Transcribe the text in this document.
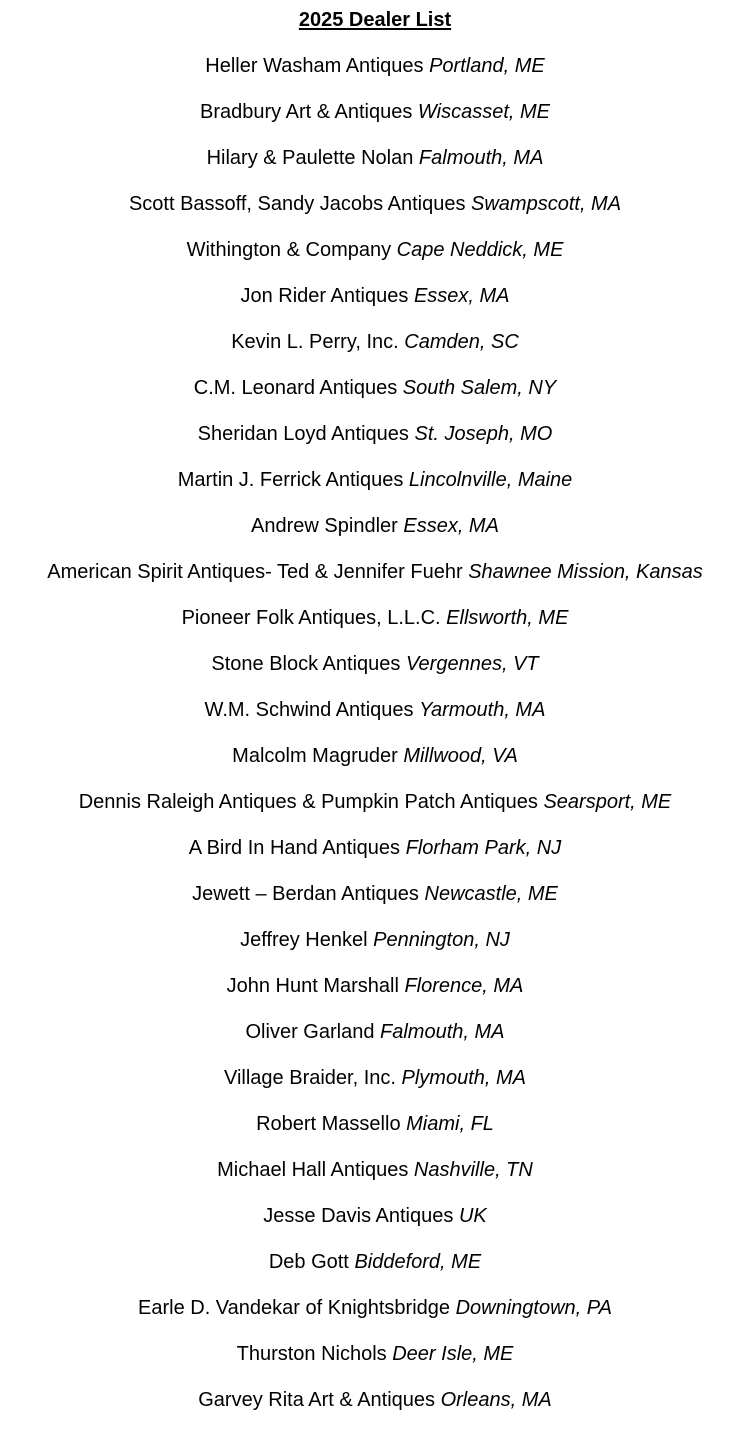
2025 Dealer List
Heller Washam Antiques Portland, ME
Bradbury Art & Antiques Wiscasset, ME
Hilary & Paulette Nolan Falmouth, MA
Scott Bassoff, Sandy Jacobs Antiques Swampscott, MA
Withington & Company Cape Neddick, ME
Jon Rider Antiques Essex, MA
Kevin L. Perry, Inc. Camden, SC
C.M. Leonard Antiques South Salem, NY
Sheridan Loyd Antiques St. Joseph, MO
Martin J. Ferrick Antiques Lincolnville, Maine
Andrew Spindler Essex, MA
American Spirit Antiques- Ted & Jennifer Fuehr Shawnee Mission, Kansas
Pioneer Folk Antiques, L.L.C. Ellsworth, ME
Stone Block Antiques Vergennes, VT
W.M. Schwind Antiques Yarmouth, MA
Malcolm Magruder Millwood, VA
Dennis Raleigh Antiques & Pumpkin Patch Antiques Searsport, ME
A Bird In Hand Antiques Florham Park, NJ
Jewett – Berdan Antiques Newcastle, ME
Jeffrey Henkel Pennington, NJ
John Hunt Marshall Florence, MA
Oliver Garland Falmouth, MA
Village Braider, Inc. Plymouth, MA
Robert Massello Miami, FL
Michael Hall Antiques Nashville, TN
Jesse Davis Antiques UK
Deb Gott Biddeford, ME
Earle D. Vandekar of Knightsbridge Downingtown, PA
Thurston Nichols Deer Isle, ME
Garvey Rita Art & Antiques Orleans, MA
